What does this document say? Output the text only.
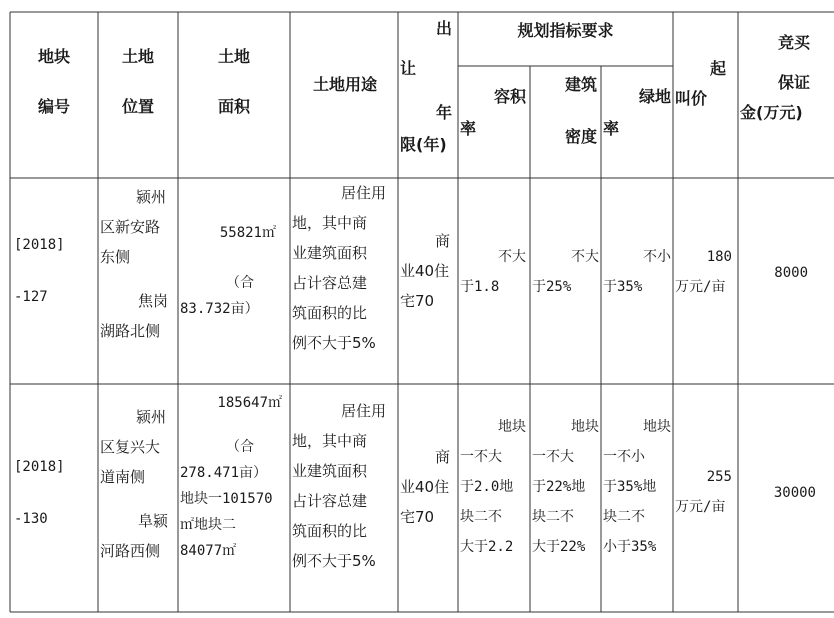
地块
编号
土地
位置
土地
面积
土地用途
出
让
年
限(年)
规划指标要求
容积
率
建筑
密度
绿地
率
起
叫价
竞买
保证
金(万元)
[2018]
-127
颍州
区新安路
东侧
焦岗
湖路北侧
55821㎡
（合
83.732亩）
居住用
地，其中商
业建筑面积
占计容总建
筑面积的比
例不大于5%
商
业40住
宅70
不大
于1.8
不大
于25%
不小
于35%
180
万元/亩
8000
[2018]
-130
颍州
区复兴大
道南侧
阜颍
河路西侧
185647㎡
（合
278.471亩）
地块一101570
㎡地块二
84077㎡
居住用
地，其中商
业建筑面积
占计容总建
筑面积的比
例不大于5%
商
业40住
宅70
地块
一不大
于2.0地
块二不
大于2.2
地块
一不大
于22%地
块二不
大于22%
地块
一不小
于35%地
块二不
小于35%
255
万元/亩
30000
